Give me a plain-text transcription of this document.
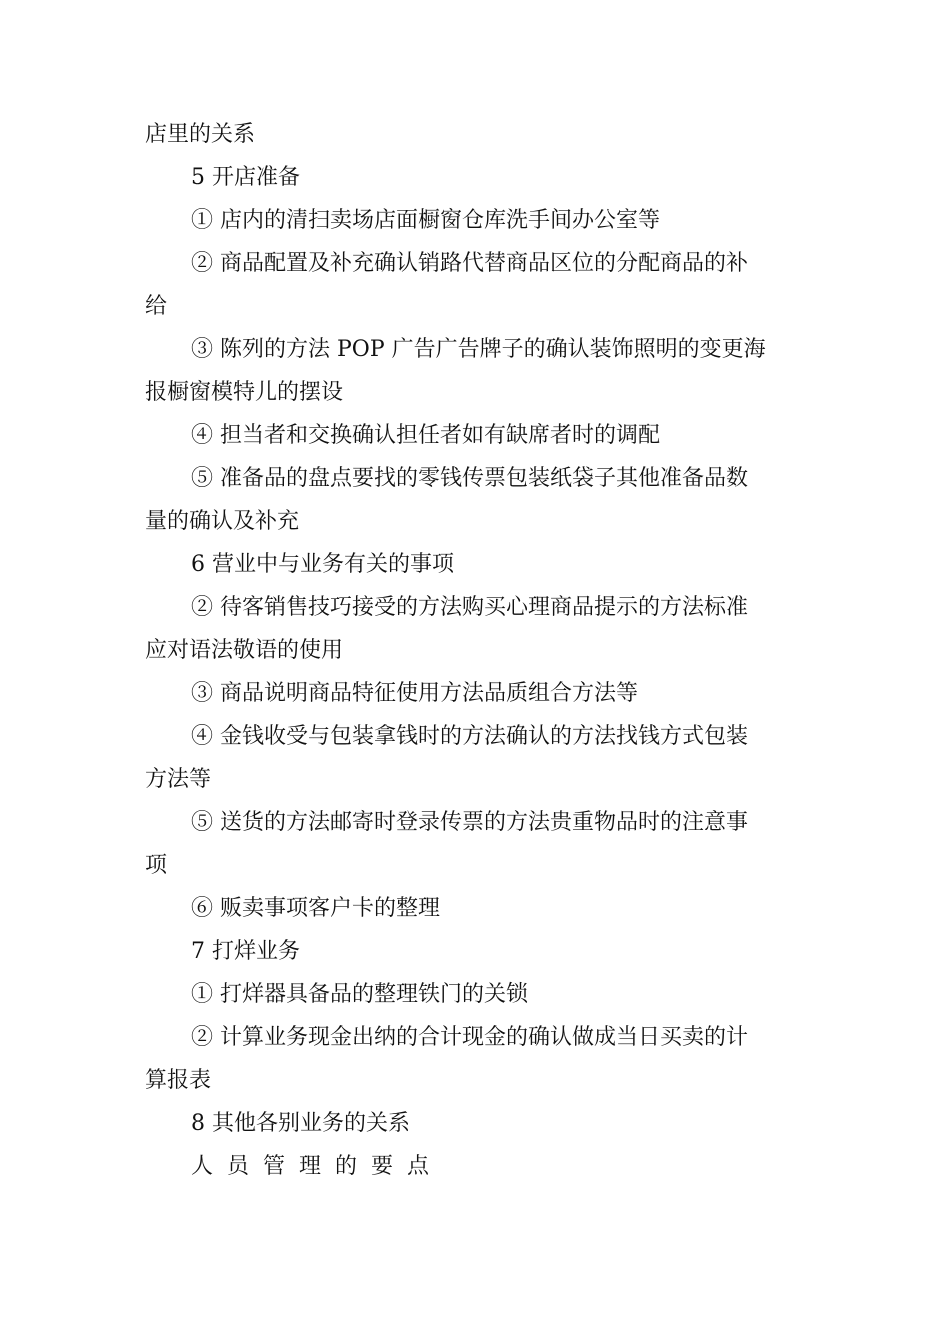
店里的关系
5 开店准备
① 店内的清扫卖场店面橱窗仓库洗手间办公室等
② 商品配置及补充确认销路代替商品区位的分配商品的补
给
③ 陈列的方法 POP 广告广告牌子的确认装饰照明的变更海
报橱窗模特儿的摆设
④ 担当者和交换确认担任者如有缺席者时的调配
⑤ 准备品的盘点要找的零钱传票包装纸袋子其他准备品数
量的确认及补充
6 营业中与业务有关的事项
② 待客销售技巧接受的方法购买心理商品提示的方法标准
应对语法敬语的使用
③ 商品说明商品特征使用方法品质组合方法等
④ 金钱收受与包装拿钱时的方法确认的方法找钱方式包装
方法等
⑤ 送货的方法邮寄时登录传票的方法贵重物品时的注意事
项
⑥ 贩卖事项客户卡的整理
7 打烊业务
① 打烊器具备品的整理铁门的关锁
② 计算业务现金出纳的合计现金的确认做成当日买卖的计
算报表
8 其他各别业务的关系
人员管理的要点
